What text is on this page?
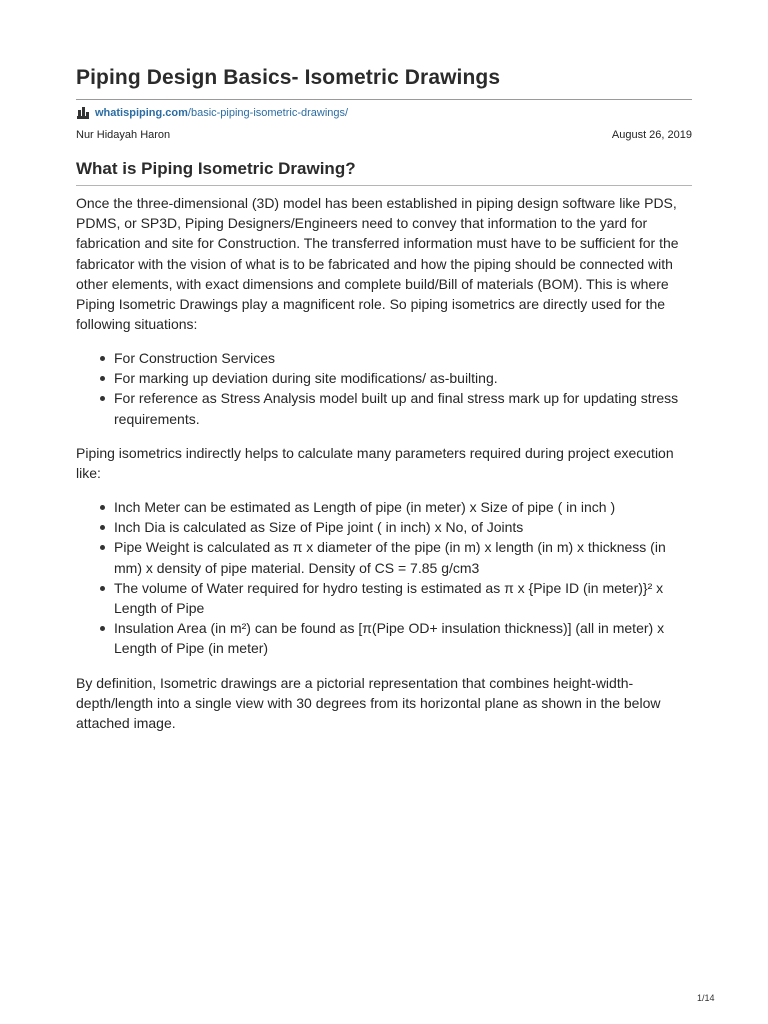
Piping Design Basics- Isometric Drawings
whatispiping.com /basic-piping-isometric-drawings/
Nur Hidayah Haron	August 26, 2019
What is Piping Isometric Drawing?

Once the three-dimensional (3D) model has been established in piping design software like PDS, PDMS, or SP3D, Piping Designers/Engineers need to convey that information to the yard for fabrication and site for Construction. The transferred information must have to be sufficient for the fabricator with the vision of what is to be fabricated and how the piping should be connected with other elements, with exact dimensions and complete build/Bill of materials (BOM). This is where Piping Isometric Drawings play a magnificent role. So piping isometrics are directly used for the following situations:

For Construction Services
For marking up deviation during site modifications/ as-builting.
For reference as Stress Analysis model built up and final stress mark up for updating stress requirements.

Piping isometrics indirectly helps to calculate many parameters required during project execution like:

Inch Meter can be estimated as Length of pipe (in meter) x Size of pipe ( in inch )
Inch Dia is calculated as Size of Pipe joint ( in inch) x No, of Joints
Pipe Weight is calculated as π x diameter of the pipe (in m) x length (in m) x thickness (in mm) x density of pipe material. Density of CS = 7.85 g/cm3
The volume of Water required for hydro testing is estimated as π x {Pipe ID (in meter)}² x Length of Pipe
Insulation Area (in m²) can be found as [π(Pipe OD+ insulation thickness)] (all in meter) x Length of Pipe (in meter)

By definition, Isometric drawings are a pictorial representation that combines height-width-depth/length into a single view with 30 degrees from its horizontal plane as shown in the below attached image.

1/14
